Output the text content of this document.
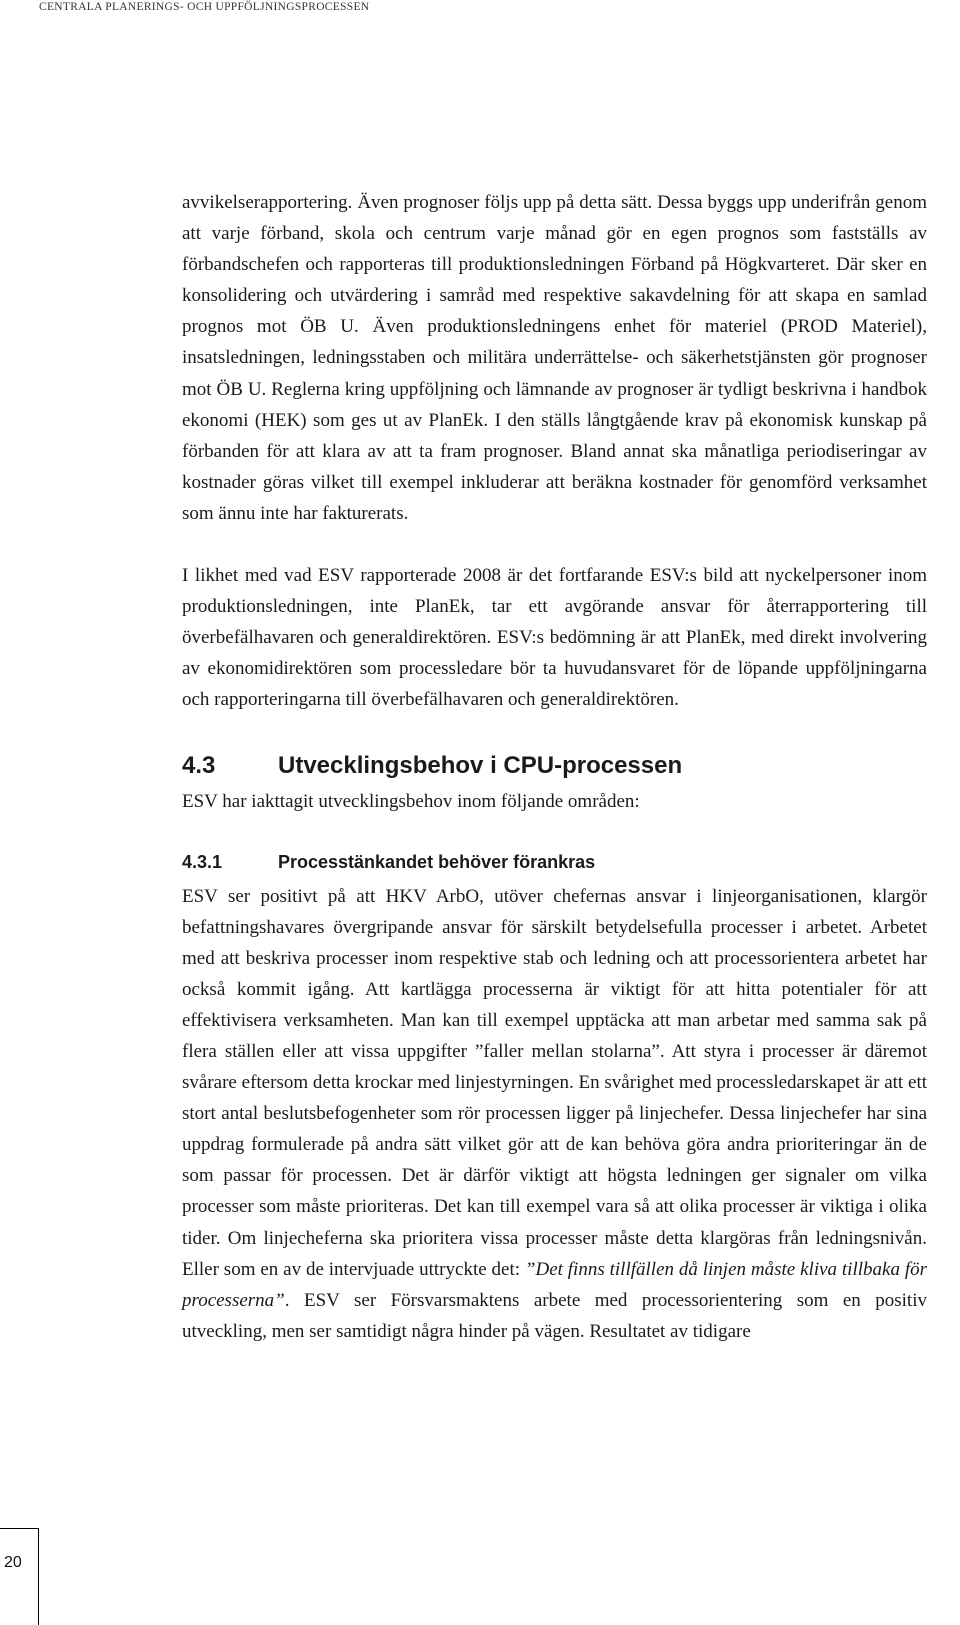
CENTRALA PLANERINGS- OCH UPPFÖLJNINGSPROCESSEN

avvikelserapportering. Även prognoser följs upp på detta sätt. Dessa byggs upp underifrån genom att varje förband, skola och centrum varje månad gör en egen prognos som fastställs av förbandschefen och rapporteras till produktionsledningen Förband på Högkvarteret. Där sker en konsolidering och utvärdering i samråd med respektive sakavdelning för att skapa en samlad prognos mot ÖB U. Även produktionsledningens enhet för materiel (PROD Materiel), insatsledningen, ledningsstaben och militära underrättelse- och säkerhetstjänsten gör prognoser mot ÖB U. Reglerna kring uppföljning och lämnande av prognoser är tydligt beskrivna i handbok ekonomi (HEK) som ges ut av PlanEk. I den ställs långtgående krav på ekonomisk kunskap på förbanden för att klara av att ta fram prognoser. Bland annat ska månatliga periodiseringar av kostnader göras vilket till exempel inkluderar att beräkna kostnader för genomförd verksamhet som ännu inte har fakturerats.

I likhet med vad ESV rapporterade 2008 är det fortfarande ESV:s bild att nyckelpersoner inom produktionsledningen, inte PlanEk, tar ett avgörande ansvar för återrapportering till överbefälhavaren och generaldirektören. ESV:s bedömning är att PlanEk, med direkt involvering av ekonomidirektören som processledare bör ta huvudansvaret för de löpande uppföljningarna och rapporteringarna till överbefälhavaren och generaldirektören.

4.3	Utvecklingsbehov i CPU-processen

ESV har iakttagit utvecklingsbehov inom följande områden:

4.3.1	Processtänkandet behöver förankras

ESV ser positivt på att HKV ArbO, utöver chefernas ansvar i linjeorganisationen, klargör befattningshavares övergripande ansvar för särskilt betydelsefulla processer i arbetet. Arbetet med att beskriva processer inom respektive stab och ledning och att processorientera arbetet har också kommit igång. Att kartlägga processerna är viktigt för att hitta potentialer för att effektivisera verksamheten. Man kan till exempel upptäcka att man arbetar med samma sak på flera ställen eller att vissa uppgifter ”faller mellan stolarna”. Att styra i processer är däremot svårare eftersom detta krockar med linjestyrningen. En svårighet med processledarskapet är att ett stort antal beslutsbefogenheter som rör processen ligger på linjechefer. Dessa linjechefer har sina uppdrag formulerade på andra sätt vilket gör att de kan behöva göra andra prioriteringar än de som passar för processen. Det är därför viktigt att högsta ledningen ger signaler om vilka processer som måste prioriteras. Det kan till exempel vara så att olika processer är viktiga i olika tider. Om linjecheferna ska prioritera vissa processer måste detta klargöras från ledningsnivån. Eller som en av de intervjuade uttryckte det: ”Det finns tillfällen då linjen måste kliva tillbaka för processerna”. ESV ser Försvarsmaktens arbete med processorientering som en positiv utveckling, men ser samtidigt några hinder på vägen. Resultatet av tidigare

20
